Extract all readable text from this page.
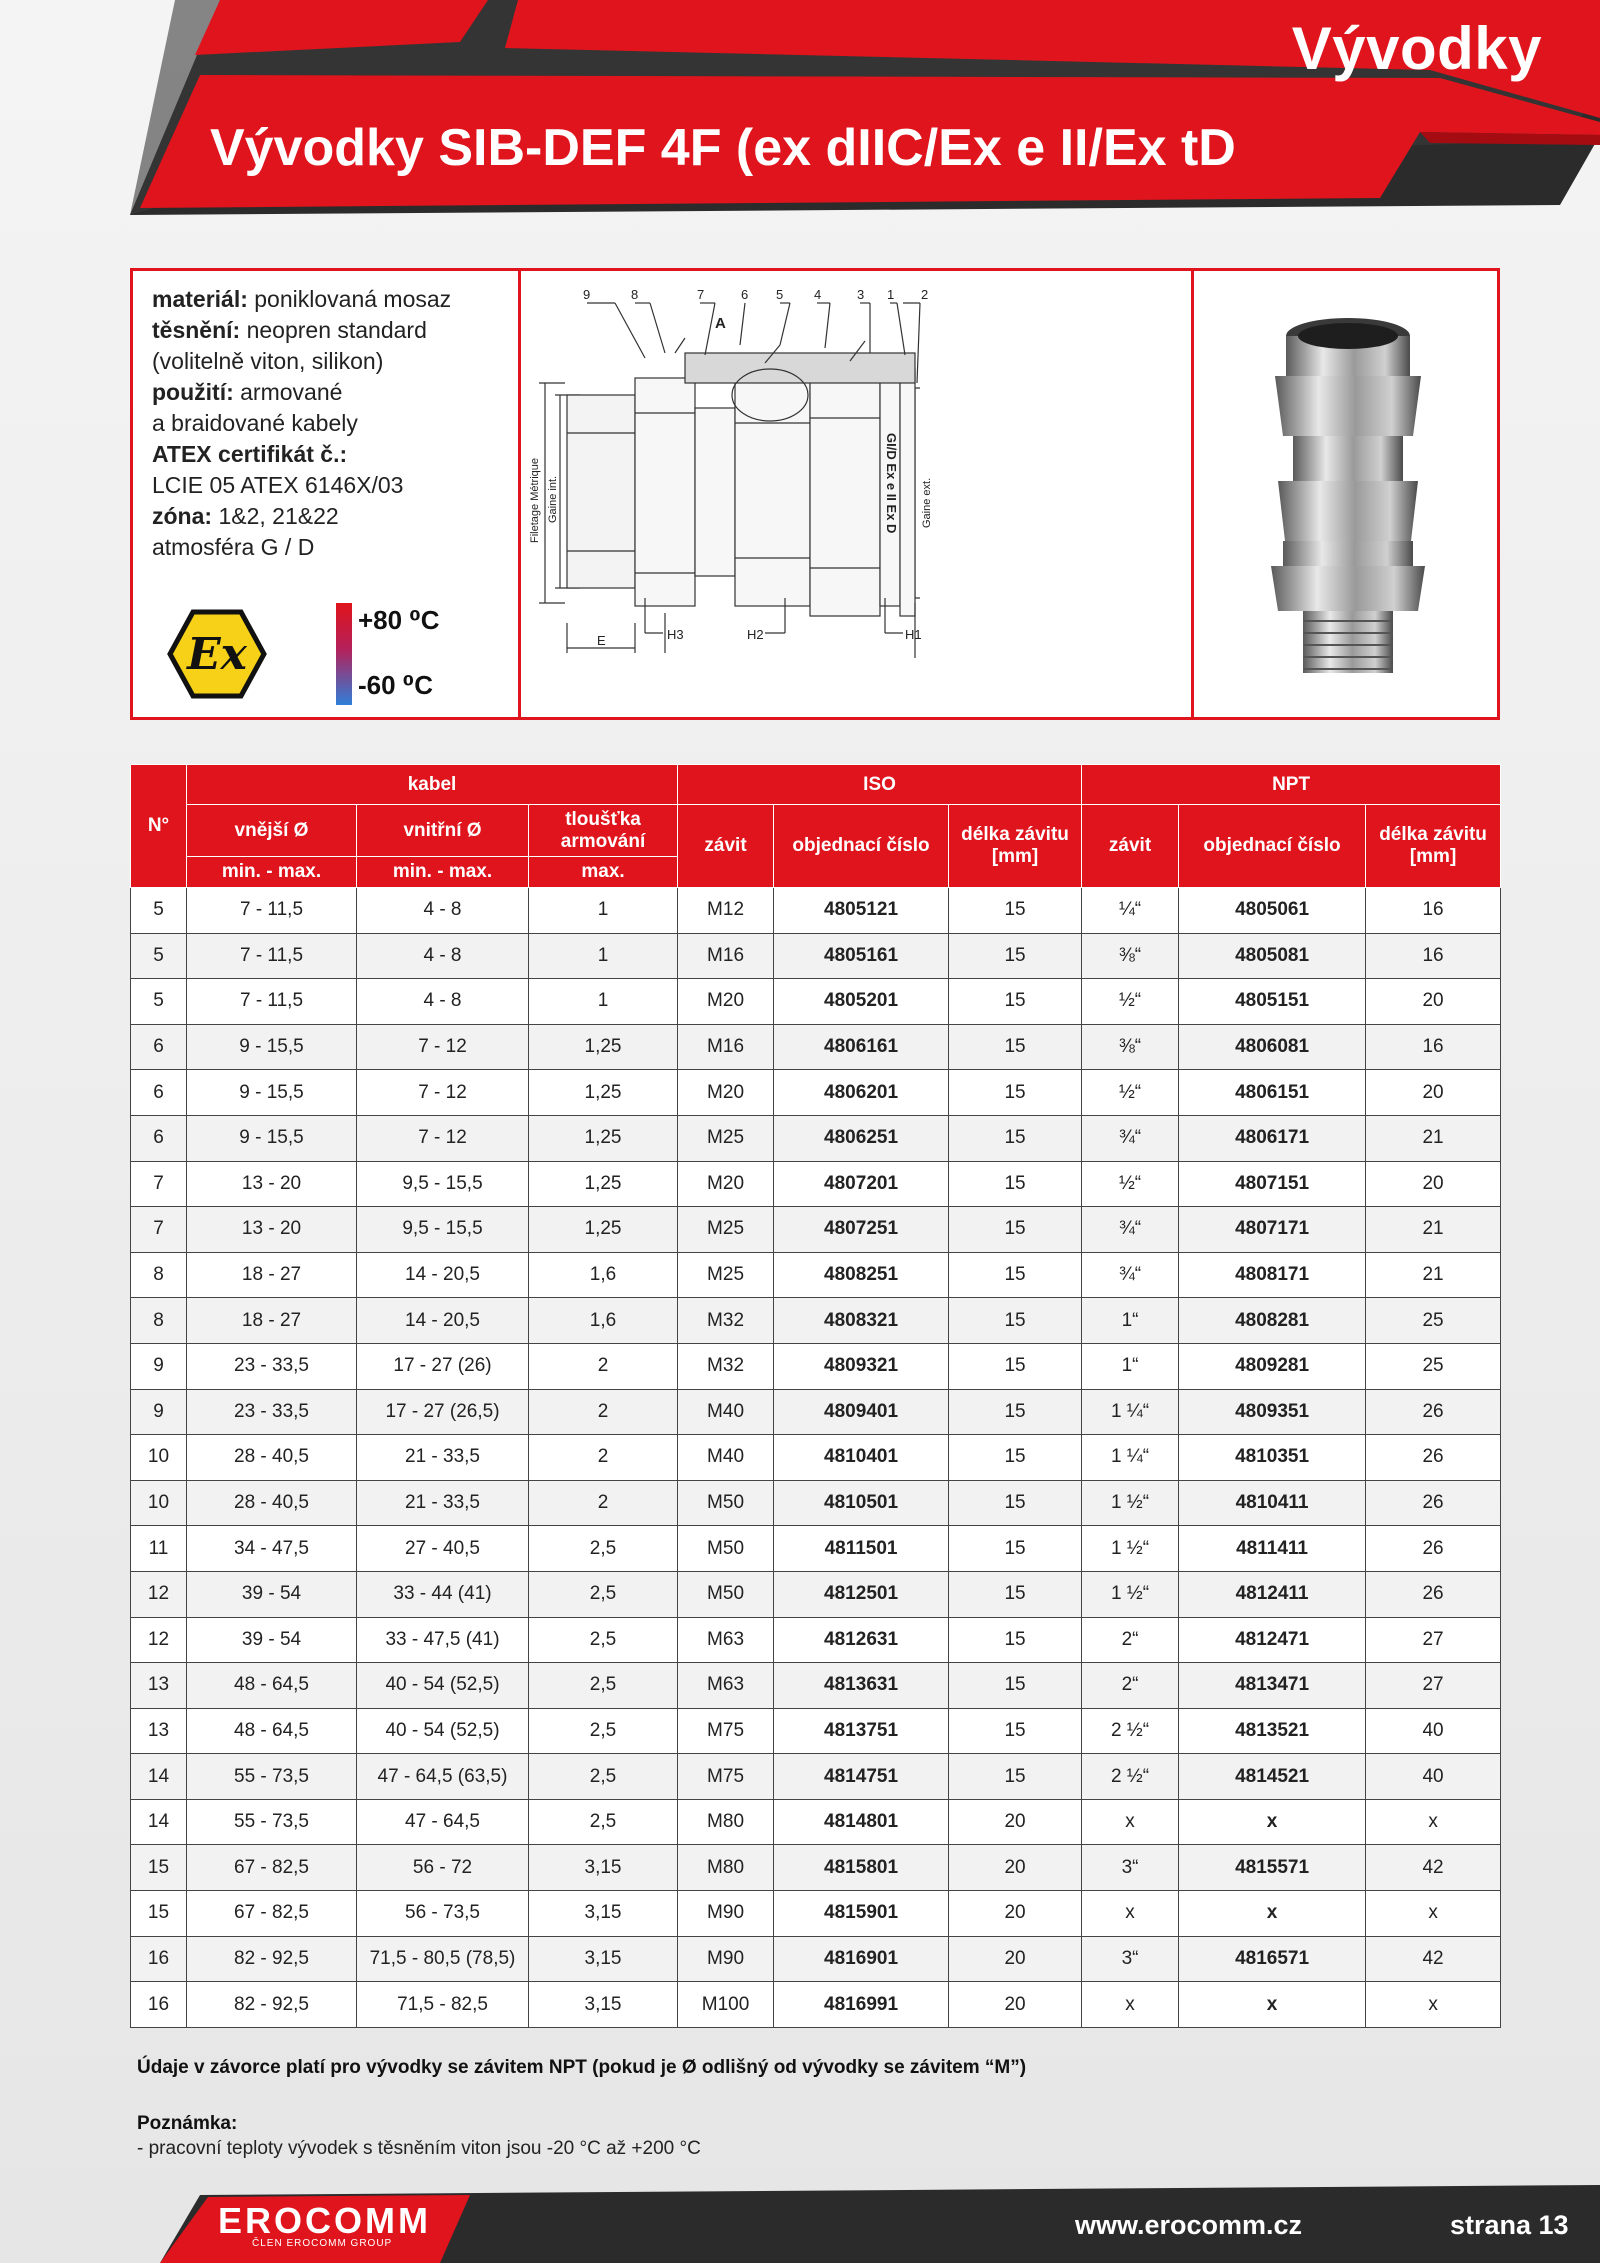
Vývodky
Vývodky SIB-DEF 4F (ex dIIC/Ex e II/Ex tD
materiál: poniklovaná mosaz
těsnění: neopren standard
(volitelně viton, silikon)
použití: armované
a braidované kabely
ATEX certifikát č.:
LCIE 05 ATEX 6146X/03
zóna: 1&2, 21&22
atmosféra G / D
Ex
+80 ⁰C
-60 ⁰C
9	8	7	6 5 4	3 1 2
A
H3	H2	H1
E
Filetage Métrique Gaine int.	Gaine ext.
GI/D Ex e II Ex D
N°	kabel			ISO			NPT		
	vnější Ø	vnitřní Ø	tloušťka armování	závit	objednací číslo	délka závitu [mm]	závit	objednací číslo	délka závitu [mm]
	min. - max.	min. - max.	max.						
5	7 - 11,5	4 - 8	1	M12	4805121	15	¼“	4805061	16
5	7 - 11,5	4 - 8	1	M16	4805161	15	⅜“	4805081	16
5	7 - 11,5	4 - 8	1	M20	4805201	15	½“	4805151	20
6	9 - 15,5	7 - 12	1,25	M16	4806161	15	⅜“	4806081	16
6	9 - 15,5	7 - 12	1,25	M20	4806201	15	½“	4806151	20
6	9 - 15,5	7 - 12	1,25	M25	4806251	15	¾“	4806171	21
7	13 - 20	9,5 - 15,5	1,25	M20	4807201	15	½“	4807151	20
7	13 - 20	9,5 - 15,5	1,25	M25	4807251	15	¾“	4807171	21
8	18 - 27	14 - 20,5	1,6	M25	4808251	15	¾“	4808171	21
8	18 - 27	14 - 20,5	1,6	M32	4808321	15	1“	4808281	25
9	23 - 33,5	17 - 27 (26)	2	M32	4809321	15	1“	4809281	25
9	23 - 33,5	17 - 27 (26,5)	2	M40	4809401	15	1 ¼“	4809351	26
10	28 - 40,5	21 - 33,5	2	M40	4810401	15	1 ¼“	4810351	26
10	28 - 40,5	21 - 33,5	2	M50	4810501	15	1 ½“	4810411	26
11	34 - 47,5	27 - 40,5	2,5	M50	4811501	15	1 ½“	4811411	26
12	39 - 54	33 - 44 (41)	2,5	M50	4812501	15	1 ½“	4812411	26
12	39 - 54	33 - 47,5 (41)	2,5	M63	4812631	15	2“	4812471	27
13	48 - 64,5	40 - 54 (52,5)	2,5	M63	4813631	15	2“	4813471	27
13	48 - 64,5	40 - 54 (52,5)	2,5	M75	4813751	15	2 ½“	4813521	40
14	55 - 73,5	47 - 64,5 (63,5)	2,5	M75	4814751	15	2 ½“	4814521	40
14	55 - 73,5	47 - 64,5	2,5	M80	4814801	20	x	x	x
15	67 - 82,5	56 - 72	3,15	M80	4815801	20	3“	4815571	42
15	67 - 82,5	56 - 73,5	3,15	M90	4815901	20	x	x	x
16	82 - 92,5	71,5 - 80,5 (78,5)	3,15	M90	4816901	20	3“	4816571	42
16	82 - 92,5	71,5 - 82,5	3,15	M100	4816991	20	x	x	x
Údaje v závorce platí pro vývodky se závitem NPT (pokud je Ø odlišný od vývodky se závitem “M”)
Poznámka:
- pracovní teploty vývodek s těsněním viton jsou -20 °C až +200 °C
EROCOMM
ČLEN EROCOMM GROUP
www.erocomm.cz	strana 13
